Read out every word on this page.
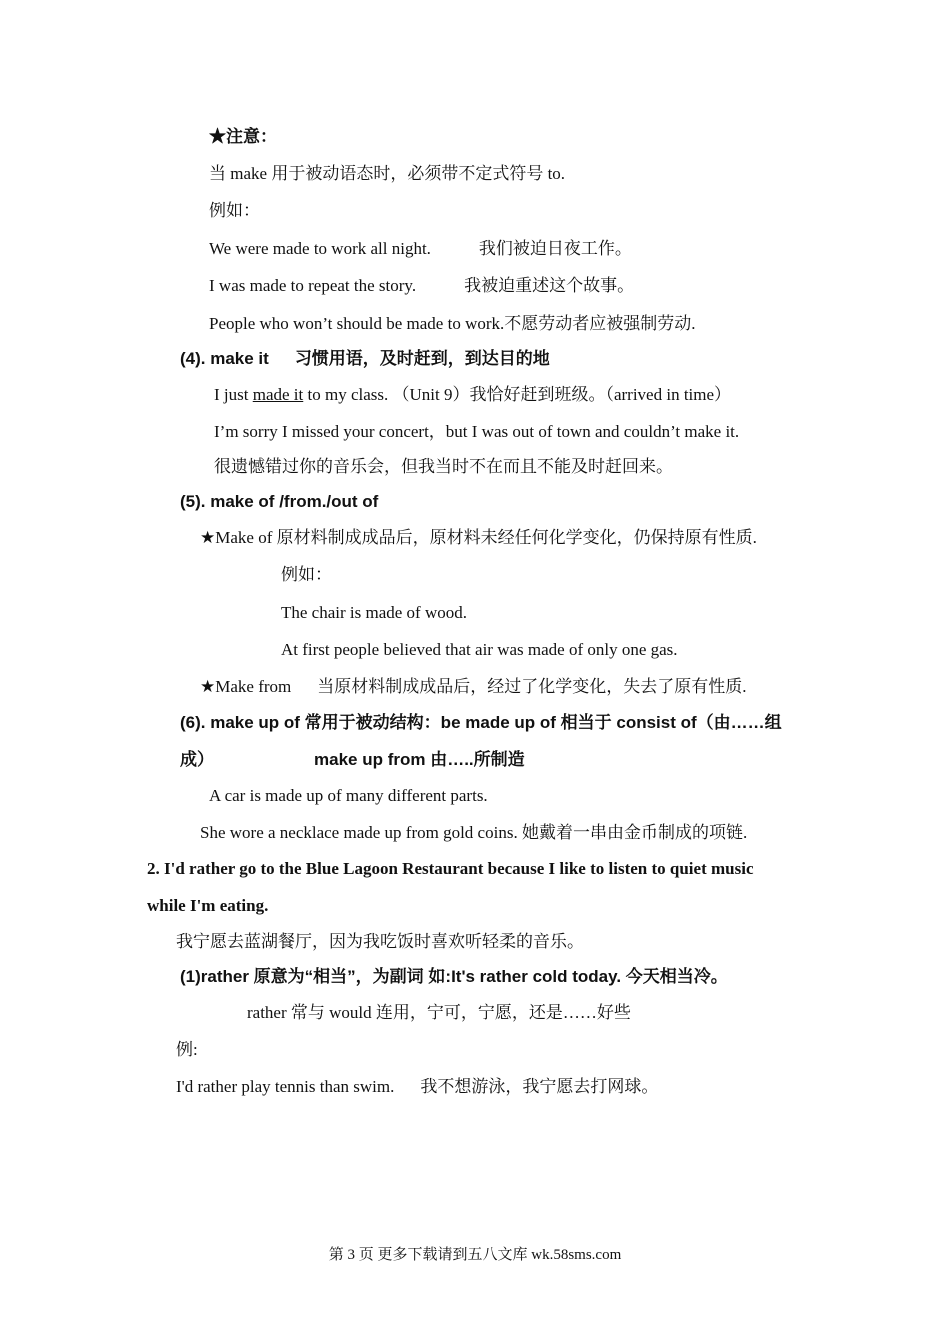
★注意：
当 make 用于被动语态时，必须带不定式符号 to.
例如：
We were made to work all night.	我们被迫日夜工作。
I was made to repeat the story.	我被迫重述这个故事。
People who won’t should be made to work.不愿劳动者应被强制劳动.
(4). make it 习惯用语，及时赶到，到达目的地
I just made it to my class. （Unit 9）我恰好赶到班级。（arrived in time）
I’m sorry I missed your concert，but I was out of town and couldn’t make it.
很遗憾错过你的音乐会，但我当时不在而且不能及时赶回来。
(5). make of /from./out of
★Make of 原材料制成成品后，原材料未经任何化学变化，仍保持原有性质.
例如：
The chair is made of wood.
At first people believed that air was made of only one gas.
★Make from 当原材料制成成品后，经过了化学变化，失去了原有性质.
(6). make up of 常用于被动结构：be made up of 相当于 consist of（由……组
成）	make up from 由…..所制造
A car is made up of many different parts.
She wore a necklace made up from gold coins. 她戴着一串由金币制成的项链.
2. I'd rather go to the Blue Lagoon Restaurant because I like to listen to quiet music
while I'm eating.
我宁愿去蓝湖餐厅，因为我吃饭时喜欢听轻柔的音乐。
(1)rather 原意为“相当”，为副词 如:It's rather cold today. 今天相当冷。
rather 常与 would 连用，宁可，宁愿，还是……好些
例:
I'd rather play tennis than swim. 我不想游泳，我宁愿去打网球。
第 3 页 更多下载请到五八文库 wk.58sms.com
